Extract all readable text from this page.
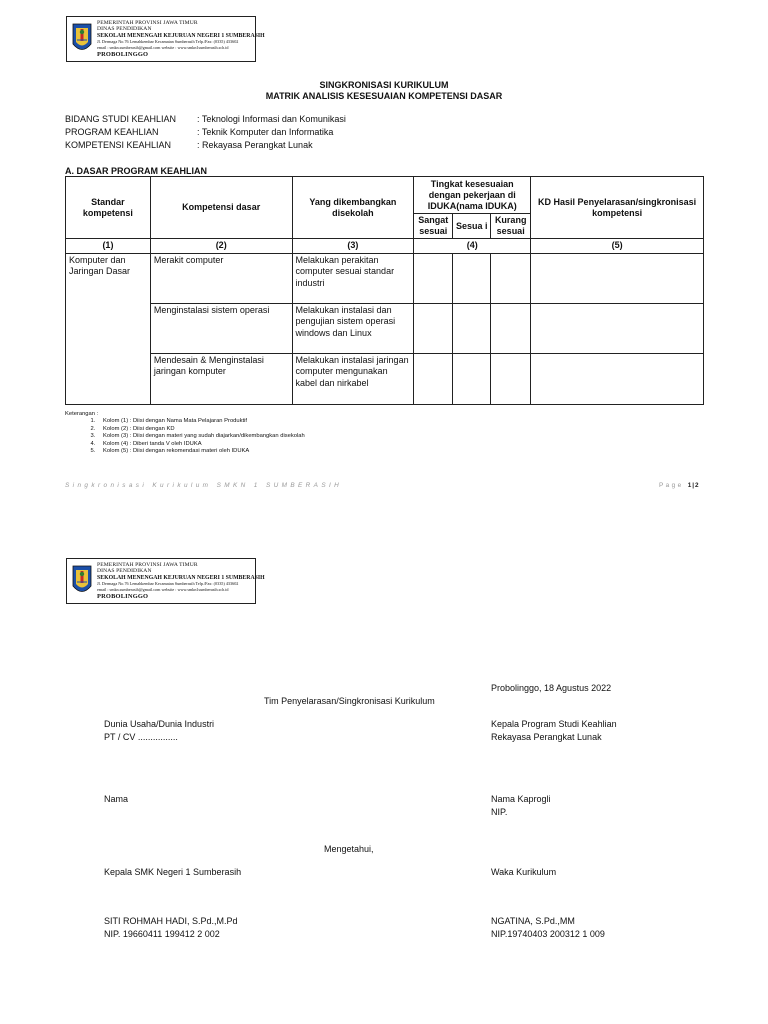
PEMERINTAH PROVINSI JAWA TIMUR
DINAS PENDIDIKAN
SEKOLAH MENENGAH KEJURUAN NEGERI 1 SUMBERASIH
Jl. Dermaga No.76 Lemahkembar Kecamatan Sumberasih Telp./Fax: (0335) 433602
email : smkn.sumberasih@gmail.com website : www.smkn1sumberasih.sch.id
PROBOLINGGO
SINGKRONISASI KURIKULUM
MATRIK ANALISIS KESESUAIAN KOMPETENSI DASAR
BIDANG STUDI KEAHLIAN : Teknologi Informasi dan Komunikasi
PROGRAM KEAHLIAN	: Teknik Komputer dan Informatika
KOMPETENSI KEAHLIAN	: Rekayasa Perangkat Lunak
A. DASAR PROGRAM KEAHLIAN
Standar kompetensi	Kompetensi dasar	Yang dikembangkan disekolah	Tingkat kesesuaian dengan pekerjaan di IDUKA(nama IDUKA)			KD Hasil Penyelarasan/singkronisasi kompetensi
			Sangat sesuai	Sesua i	Kurang sesuai	
(1)	(2)	(3)	(4)			(5)
Komputer dan Jaringan Dasar	Merakit computer	Melakukan perakitan computer sesuai standar industri				
	Menginstalasi sistem operasi	Melakukan instalasi dan pengujian sistem operasi windows dan Linux				
	Mendesain & Menginstalasi jaringan komputer	Melakukan instalasi jaringan computer mengunakan kabel dan nirkabel				
Keterangan :
1. Kolom (1) : Diisi dengan Nama Mata Pelajaran Produktif
2. Kolom (2) : Diisi dengan KD
3. Kolom (3) : Diisi dengan materi yang sudah diajarkan/dikembangkan disekolah
4. Kolom (4) : Diberi tanda V oleh IDUKA
5. Kolom (5) : Diisi dengan rekomendasi materi oleh IDUKA
Singkronisasi Kurikulum SMKN 1 SUMBERASIH	Page 1|2
PEMERINTAH PROVINSI JAWA TIMUR
DINAS PENDIDIKAN
SEKOLAH MENENGAH KEJURUAN NEGERI 1 SUMBERASIH
Jl. Dermaga No.76 Lemahkembar Kecamatan Sumberasih Telp./Fax: (0335) 433602
email : smkn.sumberasih@gmail.com website : www.smkn1sumberasih.sch.id
PROBOLINGGO
Probolinggo, 18 Agustus 2022
Tim Penyelarasan/Singkronisasi Kurikulum
Dunia Usaha/Dunia Industri
PT / CV ................
Kepala Program Studi Keahlian
Rekayasa Perangkat Lunak
Nama	Nama Kaprogli
NIP.
Mengetahui,
Kepala SMK Negeri 1 Sumberasih	Waka Kurikulum
SITI ROHMAH HADI, S.Pd.,M.Pd
NIP. 19660411 199412 2 002
NGATINA, S.Pd.,MM
NIP.19740403 200312 1 009
